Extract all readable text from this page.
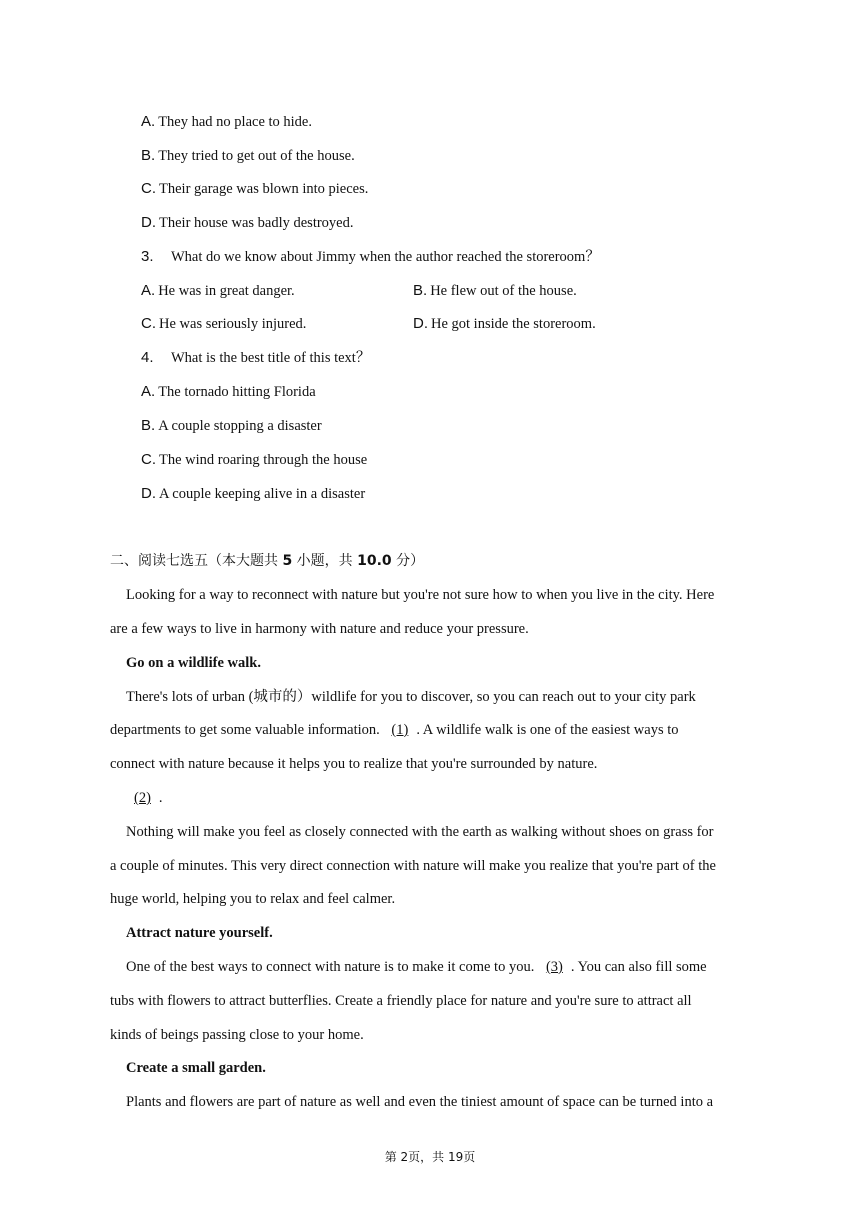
A. They had no place to hide.
B. They tried to get out of the house.
C. Their garage was blown into pieces.
D. Their house was badly destroyed.
3. What do we know about Jimmy when the author reached the storeroom？
A. He was in great danger.	B. He flew out of the house.
C. He was seriously injured.	D. He got inside the storeroom.
4. What is the best title of this text？
A. The tornado hitting Florida
B. A couple stopping a disaster
C. The wind roaring through the house
D. A couple keeping alive in a disaster
二、阅读七选五（本大题共 5 小题，共 10.0 分）
Looking for a way to reconnect with nature but you're not sure how to when you live in the city. Here
are a few ways to live in harmony with nature and reduce your pressure.
Go on a wildlife walk.
There's lots of urban (城市的）wildlife for you to discover, so you can reach out to your city park
departments to get some valuable information. (1) . A wildlife walk is one of the easiest ways to
connect with nature because it helps you to realize that you're surrounded by nature.
(2) .
Nothing will make you feel as closely connected with the earth as walking without shoes on grass for
a couple of minutes. This very direct connection with nature will make you realize that you're part of the
huge world, helping you to relax and feel calmer.
Attract nature yourself.
One of the best ways to connect with nature is to make it come to you. (3) . You can also fill some
tubs with flowers to attract butterflies. Create a friendly place for nature and you're sure to attract all
kinds of beings passing close to your home.
Create a small garden.
Plants and flowers are part of nature as well and even the tiniest amount of space can be turned into a
第 2页，共 19页
